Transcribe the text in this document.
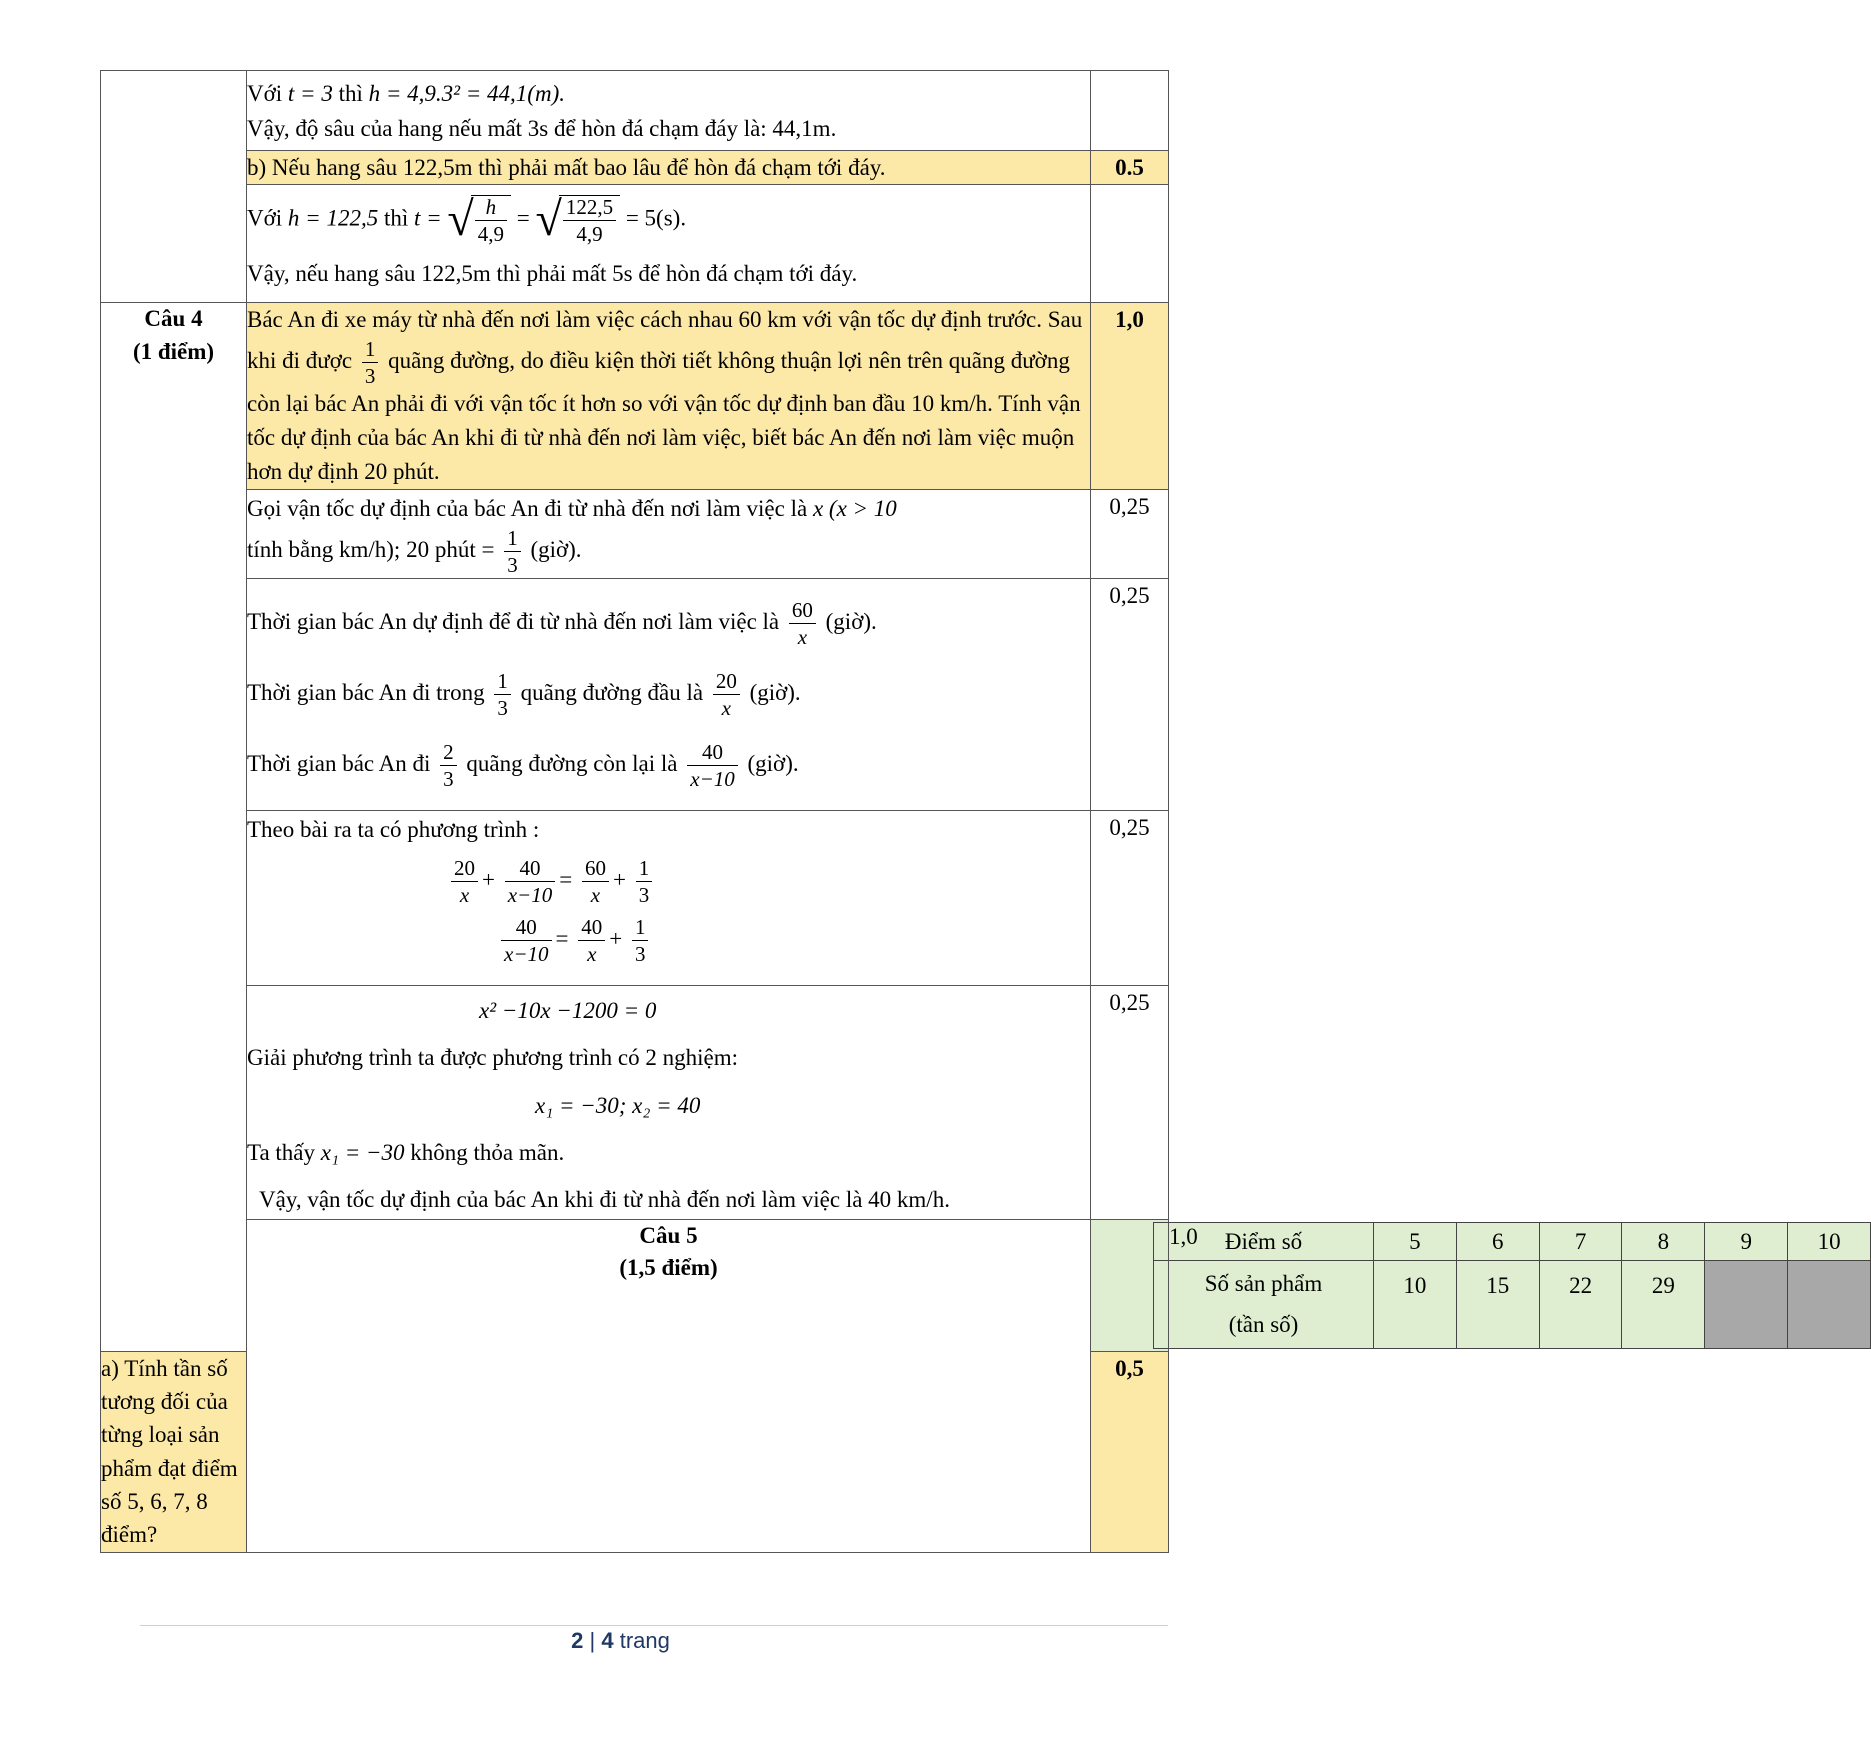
Với t = 3 thì h = 4,9.3² = 44,1(m).
Vậy, độ sâu của hang nếu mất 3s để hòn đá chạm đáy là: 44,1m.

b) Nếu hang sâu 122,5m thì phải mất bao lâu để hòn đá chạm tới đáy.	0.5

Với h = 122,5 thì t = √ $\frac{h}{4,9}$ = √ $\frac{122,5}{4,9} = 5(s)$.
Vậy, nếu hang sâu 122,5m thì phải mất 5s để hòn đá chạm tới đáy.

Câu 4
(1 điểm)
	Bác An đi xe máy từ nhà đến nơi làm việc cách nhau 60 km với vận tốc dự định trước. Sau khi đi được $\frac{1}{3}$ quãng đường, do điều kiện thời tiết không thuận lợi nên trên quãng đường còn lại bác An phải đi với vận tốc ít hơn so với vận tốc dự định ban đầu 10 km/h. Tính vận tốc dự định của bác An khi đi từ nhà đến nơi làm việc, biết bác An đến nơi làm việc muộn hơn dự định 20 phút.	1,0

Gọi vận tốc dự định của bác An đi từ nhà đến nơi làm việc là x (x > 10
tính bằng km/h); 20 phút = $\frac{1}{3}$ (giờ).
	0,25

Thời gian bác An dự định để đi từ nhà đến nơi làm việc là $\frac{60}{x}$ (giờ).
Thời gian bác An đi trong $\frac{1}{3}$ quãng đường đầu là $\frac{20}{x}$ (giờ).
Thời gian bác An đi $\frac{2}{3}$ quãng đường còn lại là $\frac{40}{x-10}$ (giờ).
	0,25

Theo bài ra ta có phương trình :
$\frac{20}{x} + \frac{40}{x-10} = \frac{60}{x} + \frac{1}{3}$
$\frac{40}{x-10} = \frac{40}{x} + \frac{1}{3}$
	0,25

x² −10x −1200 = 0
Giải phương trình ta được phương trình có 2 nghiệm:
x₁ = −30; x₂ = 40
Ta thấy x₁ = −30 không thỏa mãn.
Vậy, vận tốc dự định của bác An khi đi từ nhà đến nơi làm việc là 40 km/h.
	0,25

Câu 5
(1,5 điểm)

Điểm số	5	6	7	8	9	10

Số sản phẩm
(tần số)
	10	15	22	29		

a) Tính tần số tương đối của từng loại sản phẩm đạt điểm số 5, 6, 7, 8 điểm?	0,5
2 | 4 trang
